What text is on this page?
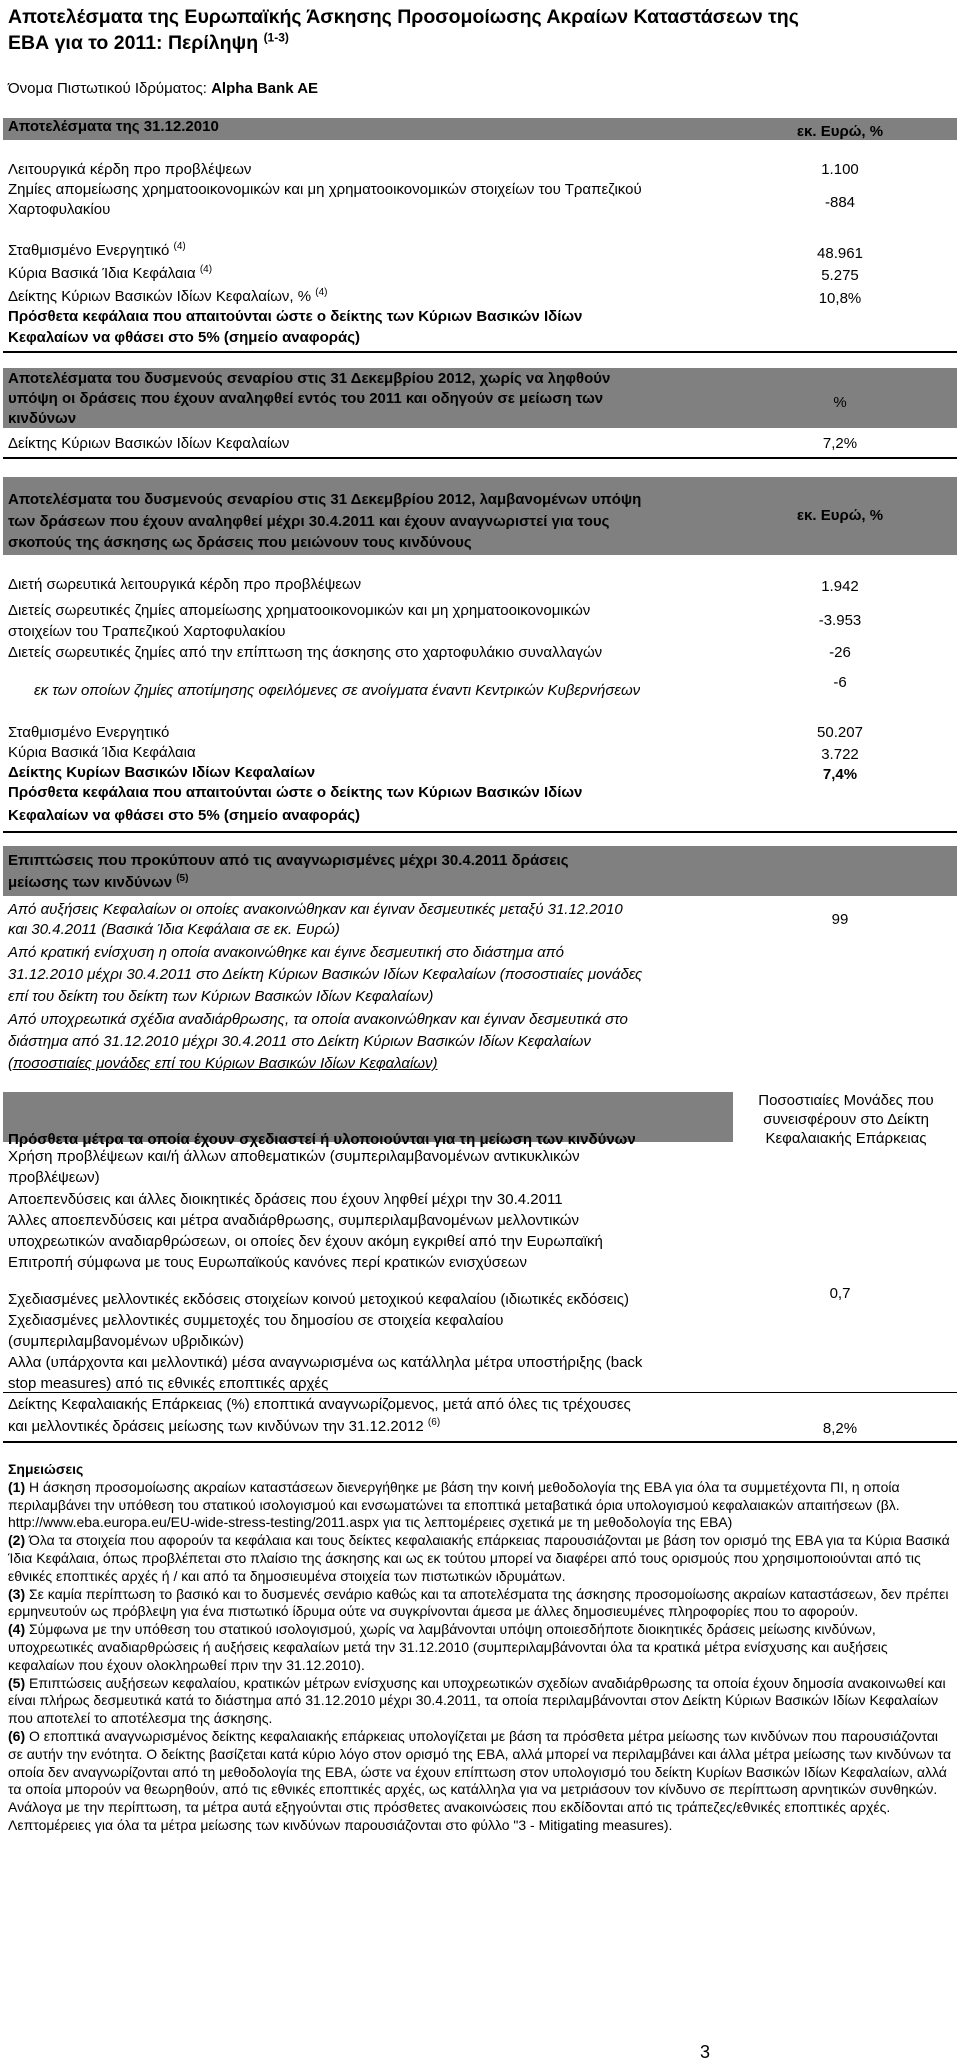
Αποτελέσματα της Ευρωπαϊκής Άσκησης Προσομοίωσης Ακραίων Καταστάσεων της
ΕΒΑ για το 2011: Περίληψη $^{(1-3)}$
Όνομα Πιστωτικού Ιδρύματος: Alpha Bank AE
Αποτελέσματα της 31.12.2010	εκ. Ευρώ, %
Λειτουργικά κέρδη προ προβλέψεων	1.100
Ζημίες απομείωσης χρηματοοικονομικών και μη χρηματοοικονομικών στοιχείων του Τραπεζικού
Χαρτοφυλακίου	-884
Σταθμισμένο Ενεργητικό $^{(4)}$	48.961
Κύρια Βασικά Ίδια Κεφάλαια $^{(4)}$	5.275
Δείκτης Κύριων Βασικών Ιδίων Κεφαλαίων, % $^{(4)}$	10,8%
Πρόσθετα κεφάλαια που απαιτούνται ώστε ο δείκτης των Κύριων Βασικών Ιδίων
Κεφαλαίων να φθάσει στο 5% (σημείο αναφοράς)
Αποτελέσματα του δυσμενούς σεναρίου στις 31 Δεκεμβρίου 2012, χωρίς να ληφθούν
υπόψη οι δράσεις που έχουν αναληφθεί εντός του 2011 και οδηγούν σε μείωση των
κινδύνων
%
Δείκτης Κύριων Βασικών Ιδίων Κεφαλαίων	7,2%
Αποτελέσματα του δυσμενούς σεναρίου στις 31 Δεκεμβρίου 2012, λαμβανομένων υπόψη
των δράσεων που έχουν αναληφθεί μέχρι 30.4.2011 και έχουν αναγνωριστεί για τους
σκοπούς της άσκησης ως δράσεις που μειώνουν τους κινδύνους
εκ. Ευρώ, %
Διετή σωρευτικά λειτουργικά κέρδη προ προβλέψεων	1.942
Διετείς σωρευτικές ζημίες απομείωσης χρηματοοικονομικών και μη χρηματοοικονομικών
στοιχείων του Τραπεζικού Χαρτοφυλακίου
-3.953
Διετείς σωρευτικές ζημίες από την επίπτωση της άσκησης στο χαρτοφυλάκιο συναλλαγών	-26
εκ των οποίων ζημίες αποτίμησης οφειλόμενες σε ανοίγματα έναντι Κεντρικών Κυβερνήσεων	-6
Σταθμισμένο Ενεργητικό	50.207
Κύρια Βασικά Ίδια Κεφάλαια	3.722
Δείκτης Κυρίων Βασικών Ιδίων Κεφαλαίων	7,4%
Πρόσθετα κεφάλαια που απαιτούνται ώστε ο δείκτης των Κύριων Βασικών Ιδίων
Κεφαλαίων να φθάσει στο 5% (σημείο αναφοράς)
Επιπτώσεις που προκύπουν από τις αναγνωρισμένες μέχρι 30.4.2011 δράσεις
μείωσης των κινδύνων $^{(5)}$
Από αυξήσεις Κεφαλαίων οι οποίες ανακοινώθηκαν και έγιναν δεσμευτικές μεταξύ 31.12.2010
και 30.4.2011 (Βασικά Ίδια Κεφάλαια σε εκ. Ευρώ)
99
Από κρατική ενίσχυση η οποία ανακοινώθηκε και έγινε δεσμευτική στο διάστημα από
31.12.2010 μέχρι 30.4.2011 στο Δείκτη Κύριων Βασικών Ιδίων Κεφαλαίων (ποσοστιαίες μονάδες
επί του δείκτη του δείκτη των Κύριων Βασικών Ιδίων Κεφαλαίων)
Από υποχρεωτικά σχέδια αναδιάρθρωσης, τα οποία ανακοινώθηκαν και έγιναν δεσμευτικά στο
διάστημα από 31.12.2010 μέχρι 30.4.2011 στο Δείκτη Κύριων Βασικών Ιδίων Κεφαλαίων
(ποσοστιαίες μονάδες επί του Κύριων Βασικών Ιδίων Κεφαλαίων)
Ποσοστιαίες Μονάδες που
συνεισφέρουν στο Δείκτη
Κεφαλαιακής Επάρκειας
Πρόσθετα μέτρα τα οποία έχουν σχεδιαστεί ή υλοποιούνται για τη μείωση των κινδύνων
Χρήση προβλέψεων και/ή άλλων αποθεματικών (συμπεριλαμβανομένων αντικυκλικών
προβλέψεων)
Αποεπενδύσεις και άλλες διοικητικές δράσεις που έχουν ληφθεί μέχρι την 30.4.2011
Άλλες αποεπενδύσεις και μέτρα αναδιάρθρωσης, συμπεριλαμβανομένων μελλοντικών
υποχρεωτικών αναδιαρθρώσεων, οι οποίες δεν έχουν ακόμη εγκριθεί από την Ευρωπαϊκή
Επιτροπή σύμφωνα με τους Ευρωπαϊκούς κανόνες περί κρατικών ενισχύσεων
Σχεδιασμένες μελλοντικές εκδόσεις στοιχείων κοινού μετοχικού κεφαλαίου (ιδιωτικές εκδόσεις)	0,7
Σχεδιασμένες μελλοντικές συμμετοχές του δημοσίου σε στοιχεία κεφαλαίου
(συμπεριλαμβανομένων υβριδικών)
Αλλα (υπάρχοντα και μελλοντικά) μέσα αναγνωρισμένα ως κατάλληλα μέτρα υποστήριξης (back
stop measures) από τις εθνικές εποπτικές αρχές
Δείκτης Κεφαλαιακής Επάρκειας (%) εποπτικά αναγνωρίζομενος, μετά από όλες τις τρέχουσες
και μελλοντικές δράσεις μείωσης των κινδύνων την 31.12.2012 $^{(6)}$	8,2%

Σημειώσεις

(1) Η άσκηση προσομοίωσης ακραίων καταστάσεων διενεργήθηκε με βάση την κοινή μεθοδολογία της ΕΒΑ για όλα τα συμμετέχοντα ΠΙ, η οποία περιλαμβάνει την υπόθεση του στατικού ισολογισμού και ενσωματώνει τα εποπτικά μεταβατικά όρια υπολογισμού κεφαλαιακών απαιτήσεων (βλ. http://www.eba.europa.eu/EU-wide-stress-testing/2011.aspx για τις λεπτομέρειες σχετικά με τη μεθοδολογία της ΕΒΑ)

(2) Όλα τα στοιχεία που αφορούν τα κεφάλαια και τους δείκτες κεφαλαιακής επάρκειας παρουσιάζονται με βάση τον ορισμό της ΕΒΑ για τα Κύρια Βασικά Ίδια Κεφάλαια, όπως προβλέπεται στο πλαίσιο της άσκησης και ως εκ τούτου μπορεί να διαφέρει από τους ορισμούς που χρησιμοποιούνται από τις εθνικές εποπτικές αρχές ή / και από τα δημοσιευμένα στοιχεία των πιστωτικών ιδρυμάτων.

(3) Σε καμία περίπτωση το βασικό και το δυσμενές σενάριο καθώς και τα αποτελέσματα της άσκησης προσομοίωσης ακραίων καταστάσεων, δεν πρέπει ερμηνευτούν ως πρόβλεψη για ένα πιστωτικό ίδρυμα ούτε να συγκρίνονται άμεσα με άλλες δημοσιευμένες πληροφορίες που το αφορούν.

(4) Σύμφωνα με την υπόθεση του στατικού ισολογισμού, χωρίς να λαμβάνονται υπόψη οποιεσδήποτε διοικητικές δράσεις μείωσης κινδύνων, υποχρεωτικές αναδιαρθρώσεις ή αυξήσεις κεφαλαίων μετά την 31.12.2010 (συμπεριλαμβάνονται όλα τα κρατικά μέτρα ενίσχυσης και αυξήσεις κεφαλαίων που έχουν ολοκληρωθεί πριν την 31.12.2010).

(5) Επιπτώσεις αυξήσεων κεφαλαίου, κρατικών μέτρων ενίσχυσης και υποχρεωτικών σχεδίων αναδιάρθρωσης τα οποία έχουν δημοσία ανακοινωθεί και είναι πλήρως δεσμευτικά κατά το διάστημα από 31.12.2010 μέχρι 30.4.2011, τα οποία περιλαμβάνονται στον Δείκτη Κύριων Βασικών Ιδίων Κεφαλαίων που αποτελεί το αποτέλεσμα της άσκησης.

(6) Ο εποπτικά αναγνωρισμένος δείκτης κεφαλαιακής επάρκειας υπολογίζεται με βάση τα πρόσθετα μέτρα μείωσης των κινδύνων που παρουσιάζονται σε αυτήν την ενότητα. Ο δείκτης βασίζεται κατά κύριο λόγο στον ορισμό της ΕΒΑ, αλλά μπορεί να περιλαμβάνει και άλλα μέτρα μείωσης των κινδύνων τα οποία δεν αναγνωρίζονται από τη μεθοδολογία της ΕΒΑ, ώστε να έχουν επίπτωση στον υπολογισμό του δείκτη Κυρίων Βασικών Ιδίων Κεφαλαίων, αλλά τα οποία μπορούν να θεωρηθούν, από τις εθνικές εποπτικές αρχές, ως κατάλληλα για να μετριάσουν τον κίνδυνο σε περίπτωση αρνητικών συνθηκών. Ανάλογα με την περίπτωση, τα μέτρα αυτά εξηγούνται στις πρόσθετες ανακοινώσεις που εκδίδονται από τις τράπεζες/εθνικές εποπτικές αρχές. Λεπτομέρειες για όλα τα μέτρα μείωσης των κινδύνων παρουσιάζονται στο φύλλο "3 - Mitigating measures).

3
